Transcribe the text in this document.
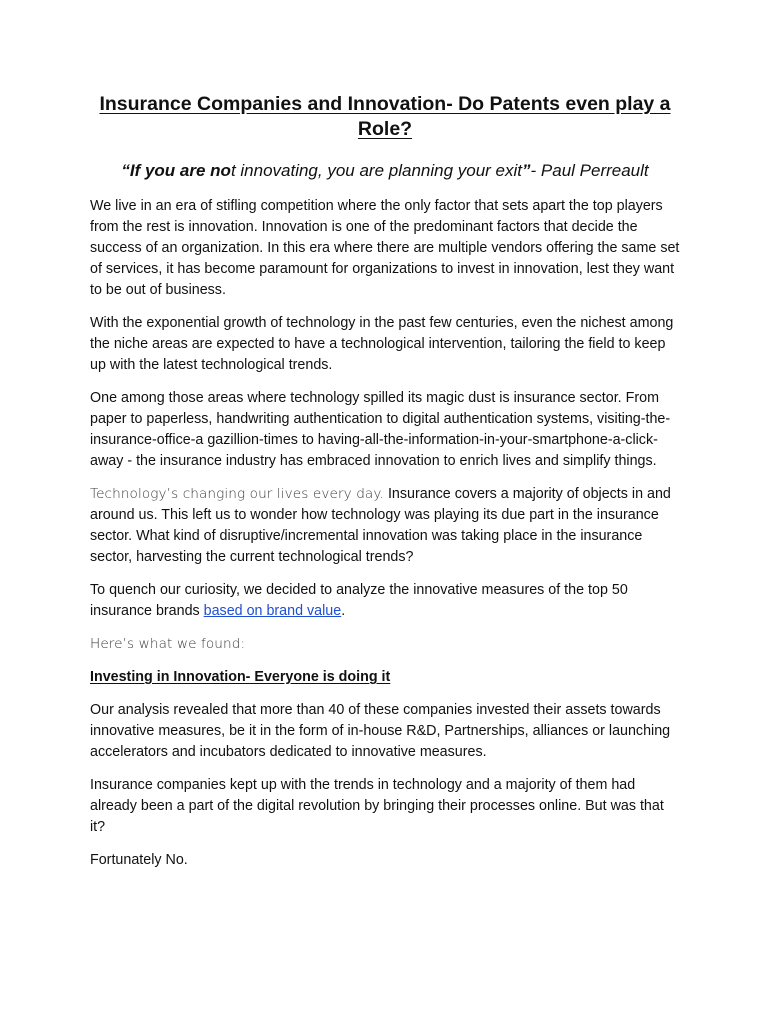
Insurance Companies and Innovation- Do Patents even play a Role?

“If you are not innovating, you are planning your exit”- Paul Perreault

We live in an era of stifling competition where the only factor that sets apart the top players from the rest is innovation. Innovation is one of the predominant factors that decide the success of an organization. In this era where there are multiple vendors offering the same set of services, it has become paramount for organizations to invest in innovation, lest they want to be out of business.

With the exponential growth of technology in the past few centuries, even the nichest among the niche areas are expected to have a technological intervention, tailoring the field to keep up with the latest technological trends.

One among those areas where technology spilled its magic dust is insurance sector. From paper to paperless, handwriting authentication to digital authentication systems, visiting-the-insurance-office-a gazillion-times to having-all-the-information-in-your-smartphone-a-click-away - the insurance industry has embraced innovation to enrich lives and simplify things.

Technology’s changing our lives every day. Insurance covers a majority of objects in and around us. This left us to wonder how technology was playing its due part in the insurance sector. What kind of disruptive/incremental innovation was taking place in the insurance sector, harvesting the current technological trends?

To quench our curiosity, we decided to analyze the innovative measures of the top 50 insurance brands based on brand value.

Here’s what we found:

Investing in Innovation- Everyone is doing it

Our analysis revealed that more than 40 of these companies invested their assets towards innovative measures, be it in the form of in-house R&D, Partnerships, alliances or launching accelerators and incubators dedicated to innovative measures.

Insurance companies kept up with the trends in technology and a majority of them had already been a part of the digital revolution by bringing their processes online. But was that it?

Fortunately No.
